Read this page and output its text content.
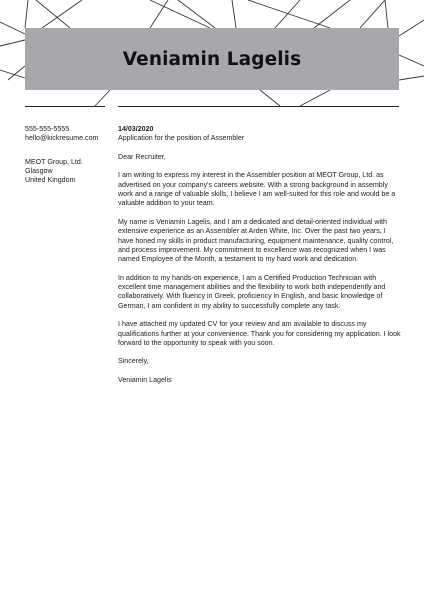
Veniamin Lagelis
555-555-5555
hello@kickresume.com
MEOT Group, Ltd.
Glasgow
United Kingdom
14/03/2020

Application for the position of Assembler

Dear Recruiter,

I am writing to express my interest in the Assembler position at MEOT Group, Ltd. as advertised on your company's careers website. With a strong background in assembly work and a range of valuable skills, I believe I am well-suited for this role and would be a valuable addition to your team.

My name is Veniamin Lagelis, and I am a dedicated and detail-oriented individual with extensive experience as an Assembler at Arden White, Inc. Over the past two years, I have honed my skills in product manufacturing, equipment maintenance, quality control, and process improvement. My commitment to excellence was recognized when I was named Employee of the Month, a testament to my hard work and dedication.

In addition to my hands-on experience, I am a Certified Production Technician with excellent time management abilities and the flexibility to work both independently and collaboratively. With fluency in Greek, proficiency in English, and basic knowledge of German, I am confident in my ability to successfully complete any task.

I have attached my updated CV for your review and am available to discuss my qualifications further at your convenience. Thank you for considering my application. I look forward to the opportunity to speak with you soon.

Sincerely,

Veniamin Lagelis
